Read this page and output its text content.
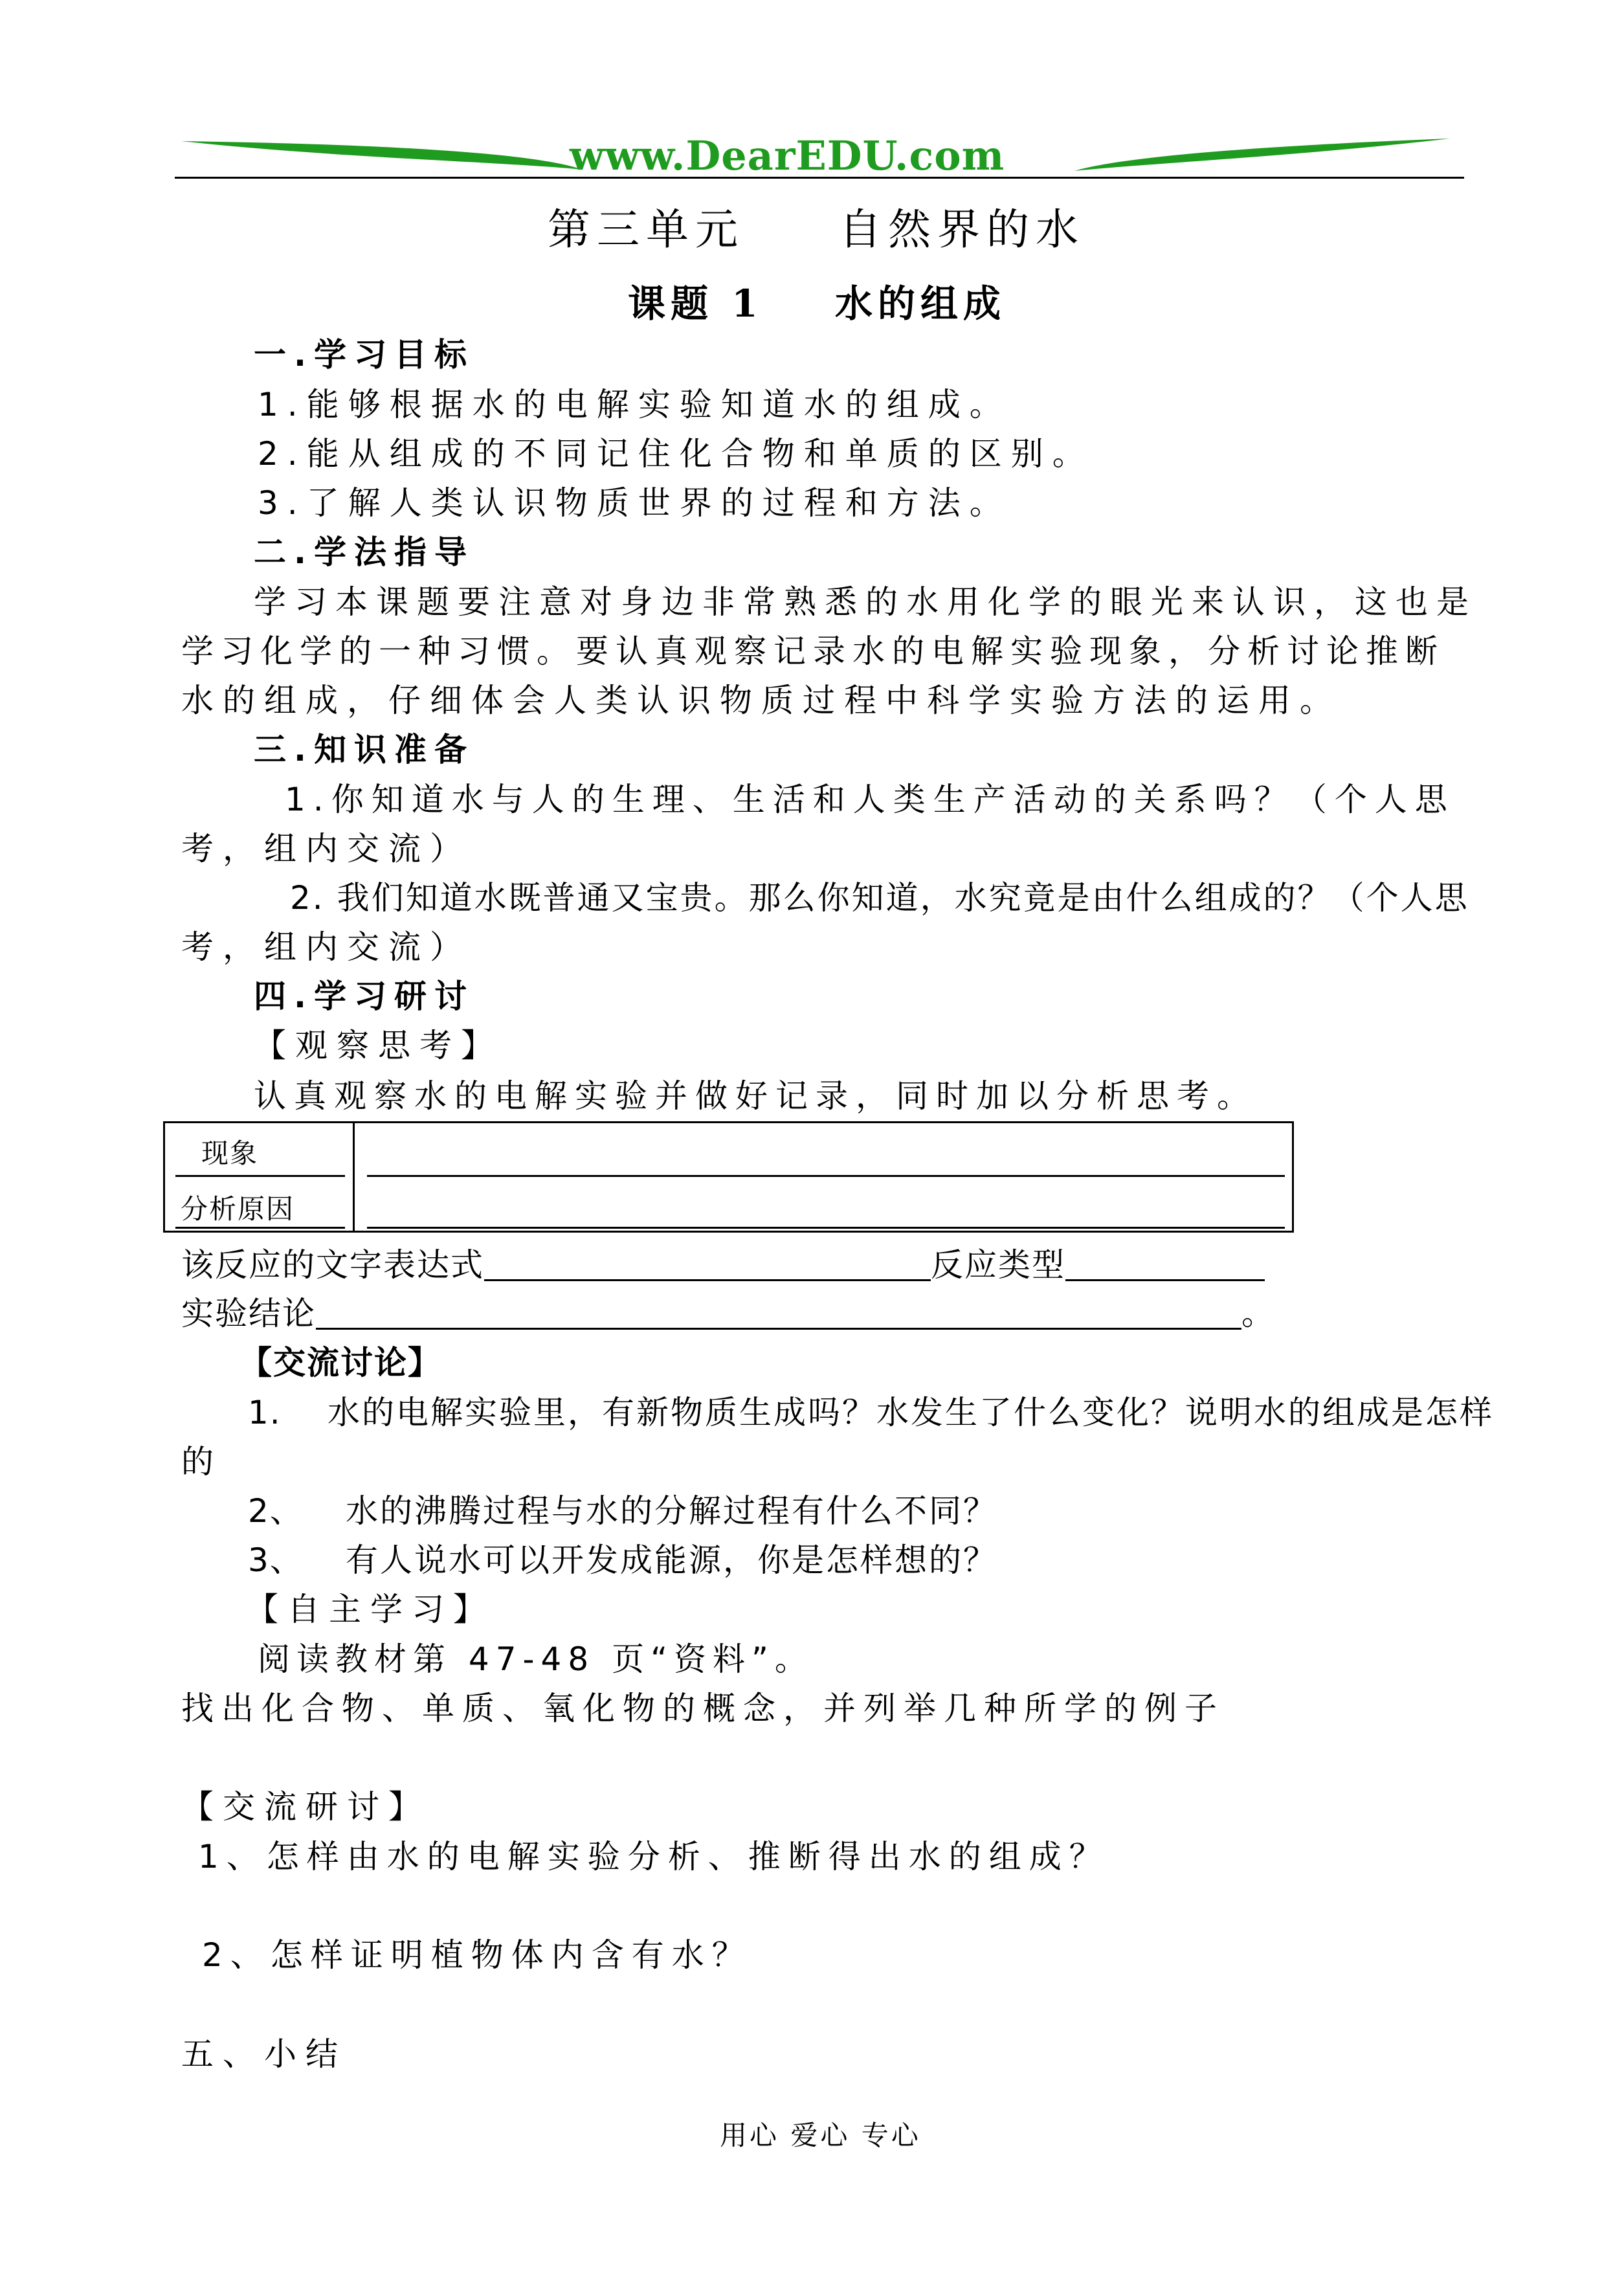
www.DearEDU.com
第三单元 自然界的水
课题 1 水的组成
一.学习目标
1.能够根据水的电解实验知道水的组成。
2.能从组成的不同记住化合物和单质的区别。
3.了解人类认识物质世界的过程和方法。
二.学法指导
学习本课题要注意对身边非常熟悉的水用化学的眼光来认识，这也是
学习化学的一种习惯。要认真观察记录水的电解实验现象，分析讨论推断
水的组成，仔细体会人类认识物质过程中科学实验方法的运用。
三.知识准备
1.你知道水与人的生理、生活和人类生产活动的关系吗？（个人思
考，组内交流）
2. 我们知道水既普通又宝贵。那么你知道，水究竟是由什么组成的？（个人思
考，组内交流）
四.学习研讨
【观察思考】
认真观察水的电解实验并做好记录，同时加以分析思考。
现象
分析原因
该反应的文字表达式	反应类型
实验结论	。
【交流讨论】
1. 水的电解实验里，有新物质生成吗？水发生了什么变化？说明水的组成是怎样
的
2、 水的沸腾过程与水的分解过程有什么不同？
3、 有人说水可以开发成能源，你是怎样想的？
【自主学习】
阅读教材第 47-48 页“资料”。
找出化合物、单质、氧化物的概念，并列举几种所学的例子
【交流研讨】
1、怎样由水的电解实验分析、推断得出水的组成？
2、怎样证明植物体内含有水？
五、小结
用心 爱心 专心
